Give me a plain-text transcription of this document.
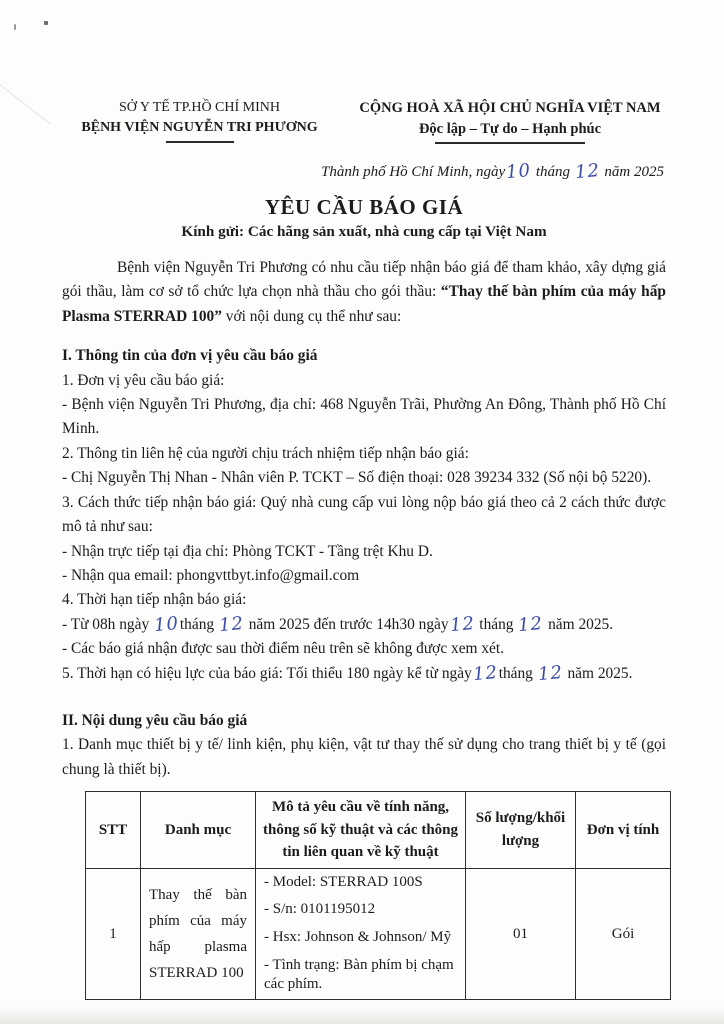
SỞ Y TẾ TP.HỒ CHÍ MINH
BỆNH VIỆN NGUYỄN TRI PHƯƠNG
CỘNG HOÀ XÃ HỘI CHỦ NGHĨA VIỆT NAM
Độc lập – Tự do – Hạnh phúc
Thành phố Hồ Chí Minh, ngày10 tháng 12 năm 2025
YÊU CẦU BÁO GIÁ
Kính gửi: Các hãng sản xuất, nhà cung cấp tại Việt Nam

Bệnh viện Nguyễn Tri Phương có nhu cầu tiếp nhận báo giá để tham khảo, xây dựng giá gói thầu, làm cơ sở tổ chức lựa chọn nhà thầu cho gói thầu: “Thay thế bàn phím của máy hấp Plasma STERRAD 100” với nội dung cụ thể như sau:

I. Thông tin của đơn vị yêu cầu báo giá
1. Đơn vị yêu cầu báo giá:
- Bệnh viện Nguyễn Tri Phương, địa chỉ: 468 Nguyễn Trãi, Phường An Đông, Thành phố Hồ Chí Minh.
2. Thông tin liên hệ của người chịu trách nhiệm tiếp nhận báo giá:
- Chị Nguyễn Thị Nhan - Nhân viên P. TCKT – Số điện thoại: 028 39234 332 (Số nội bộ 5220).
3. Cách thức tiếp nhận báo giá: Quý nhà cung cấp vui lòng nộp báo giá theo cả 2 cách thức được mô tả như sau:
- Nhận trực tiếp tại địa chỉ: Phòng TCKT - Tầng trệt Khu D.
- Nhận qua email: phongvttbyt.info@gmail.com
4. Thời hạn tiếp nhận báo giá:
- Từ 08h ngày 10tháng 12 năm 2025 đến trước 14h30 ngày12 tháng 12 năm 2025.
- Các báo giá nhận được sau thời điểm nêu trên sẽ không được xem xét.
5. Thời hạn có hiệu lực của báo giá: Tối thiểu 180 ngày kể từ ngày12tháng 12 năm 2025.
II. Nội dung yêu cầu báo giá
1. Danh mục thiết bị y tế/ linh kiện, phụ kiện, vật tư thay thế sử dụng cho trang thiết bị y tế (gọi chung là thiết bị).
STT	Danh mục	Mô tả yêu cầu về tính năng, thông số kỹ thuật và các thông tin liên quan về kỹ thuật	Số lượng/khối lượng	Đơn vị tính
1	Thay thế bàn phím của máy hấp plasma STERRAD 100	- Model: STERRAD 100S
- S/n: 0101195012
- Hsx: Johnson & Johnson/ Mỹ
- Tình trạng: Bàn phím bị chạm các phím.	01	Gói
